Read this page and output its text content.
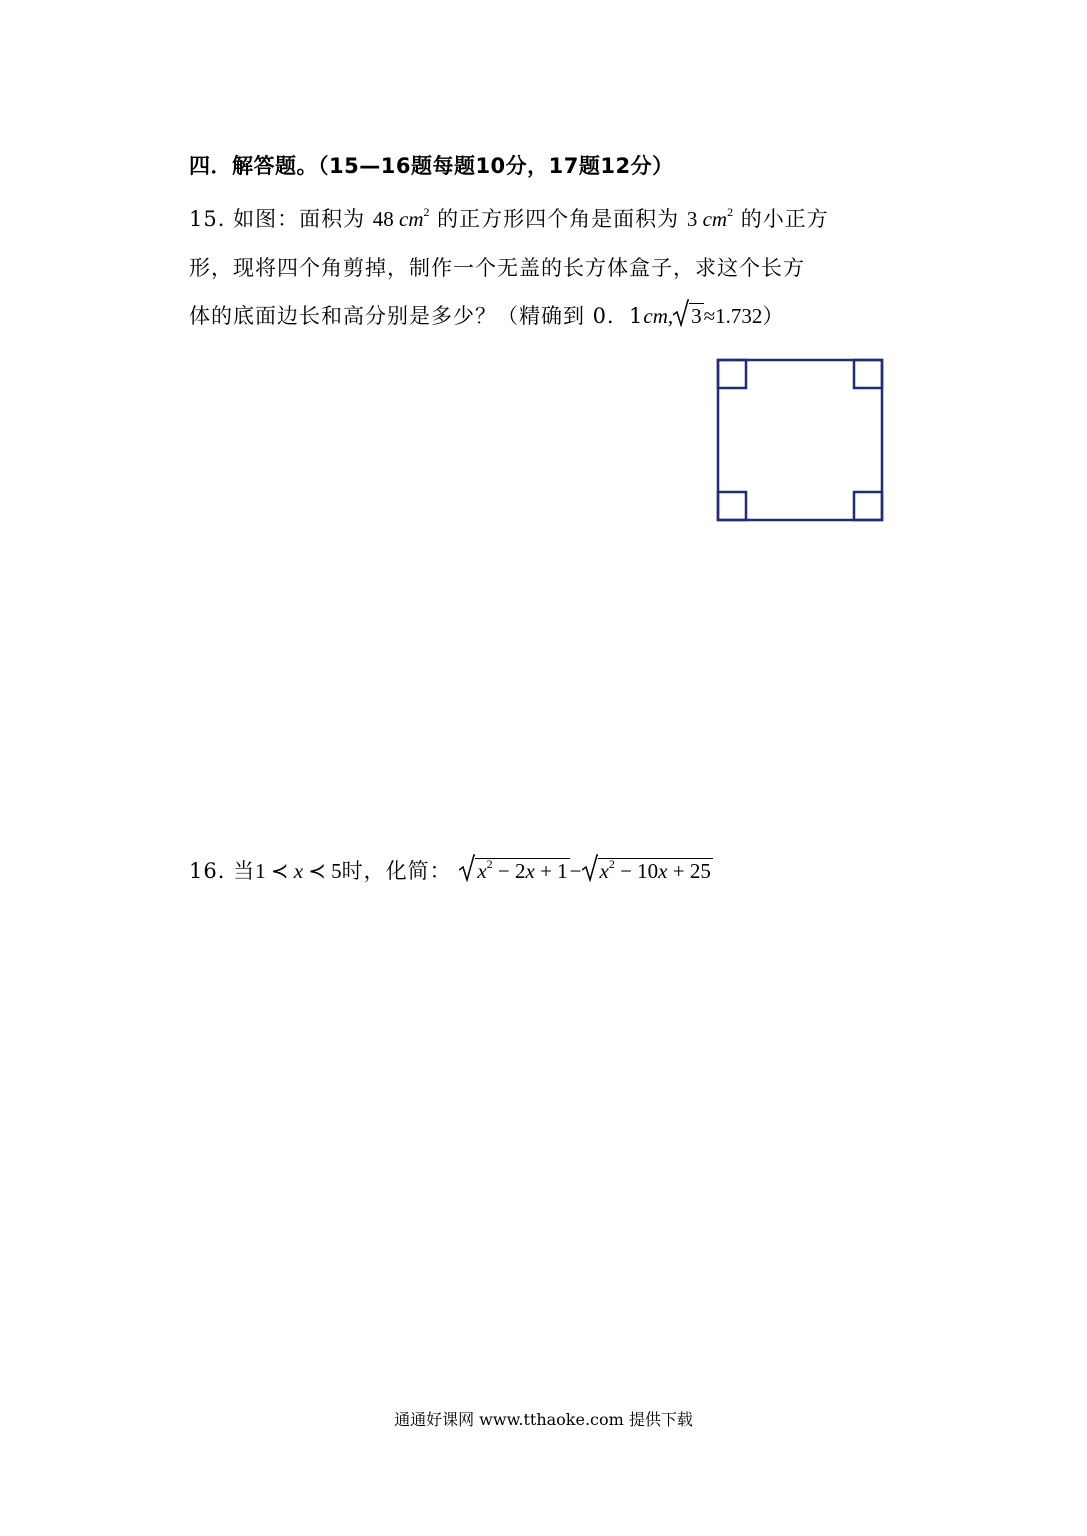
四．解答题。（15—16题每题10分，17题12分）
15. 如图：面积为 48 $cm^2$ 的正方形四个角是面积为 3 $cm^2$ 的小正方
形，现将四个角剪掉，制作一个无盖的长方体盒子，求这个长方
体的底面边长和高分别是多少？（精确到 0．1cm, 3≈1.732）
16. 当1 ≺ x ≺ 5时，化简： $x^2 - 2x + 1- x^2 - 10x + 25$
通通好课网 www.tthaoke.com 提供下载
